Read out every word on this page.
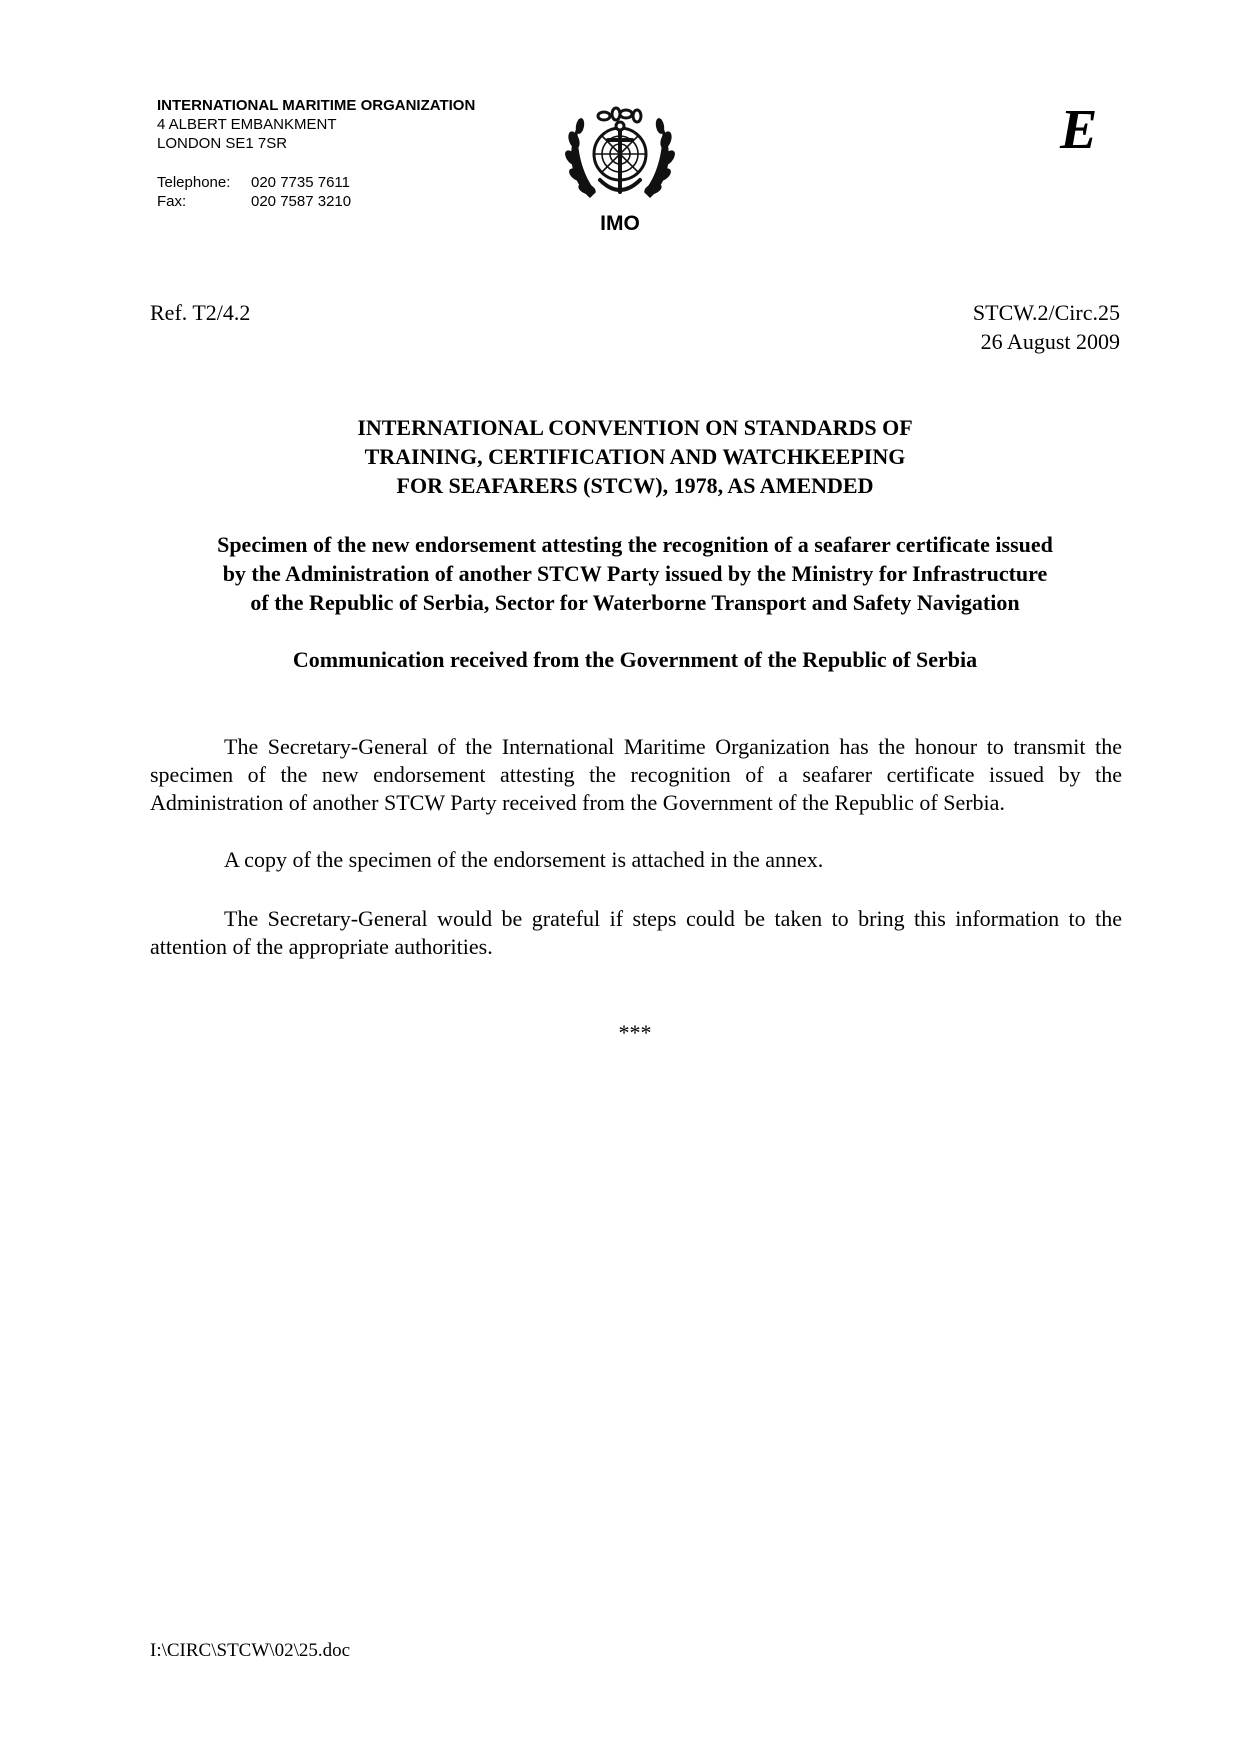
INTERNATIONAL MARITIME ORGANIZATION
4 ALBERT EMBANKMENT
LONDON SE1 7SR
Telephone:	020 7735 7611
Fax:	020 7587 3210
IMO
E
Ref. T2/4.2	STCW.2/Circ.25
26 August 2009
INTERNATIONAL CONVENTION ON STANDARDS OF
TRAINING, CERTIFICATION AND WATCHKEEPING
FOR SEAFARERS (STCW), 1978, AS AMENDED
Specimen of the new endorsement attesting the recognition of a seafarer certificate issued
by the Administration of another STCW Party issued by the Ministry for Infrastructure
of the Republic of Serbia, Sector for Waterborne Transport and Safety Navigation
Communication received from the Government of the Republic of Serbia

The Secretary-General of the International Maritime Organization has the honour to transmit the specimen of the new endorsement attesting the recognition of a seafarer certificate issued by the Administration of another STCW Party received from the Government of the Republic of Serbia.

A copy of the specimen of the endorsement is attached in the annex.

The Secretary-General would be grateful if steps could be taken to bring this information to the attention of the appropriate authorities.

***
I:\CIRC\STCW\02\25.doc
